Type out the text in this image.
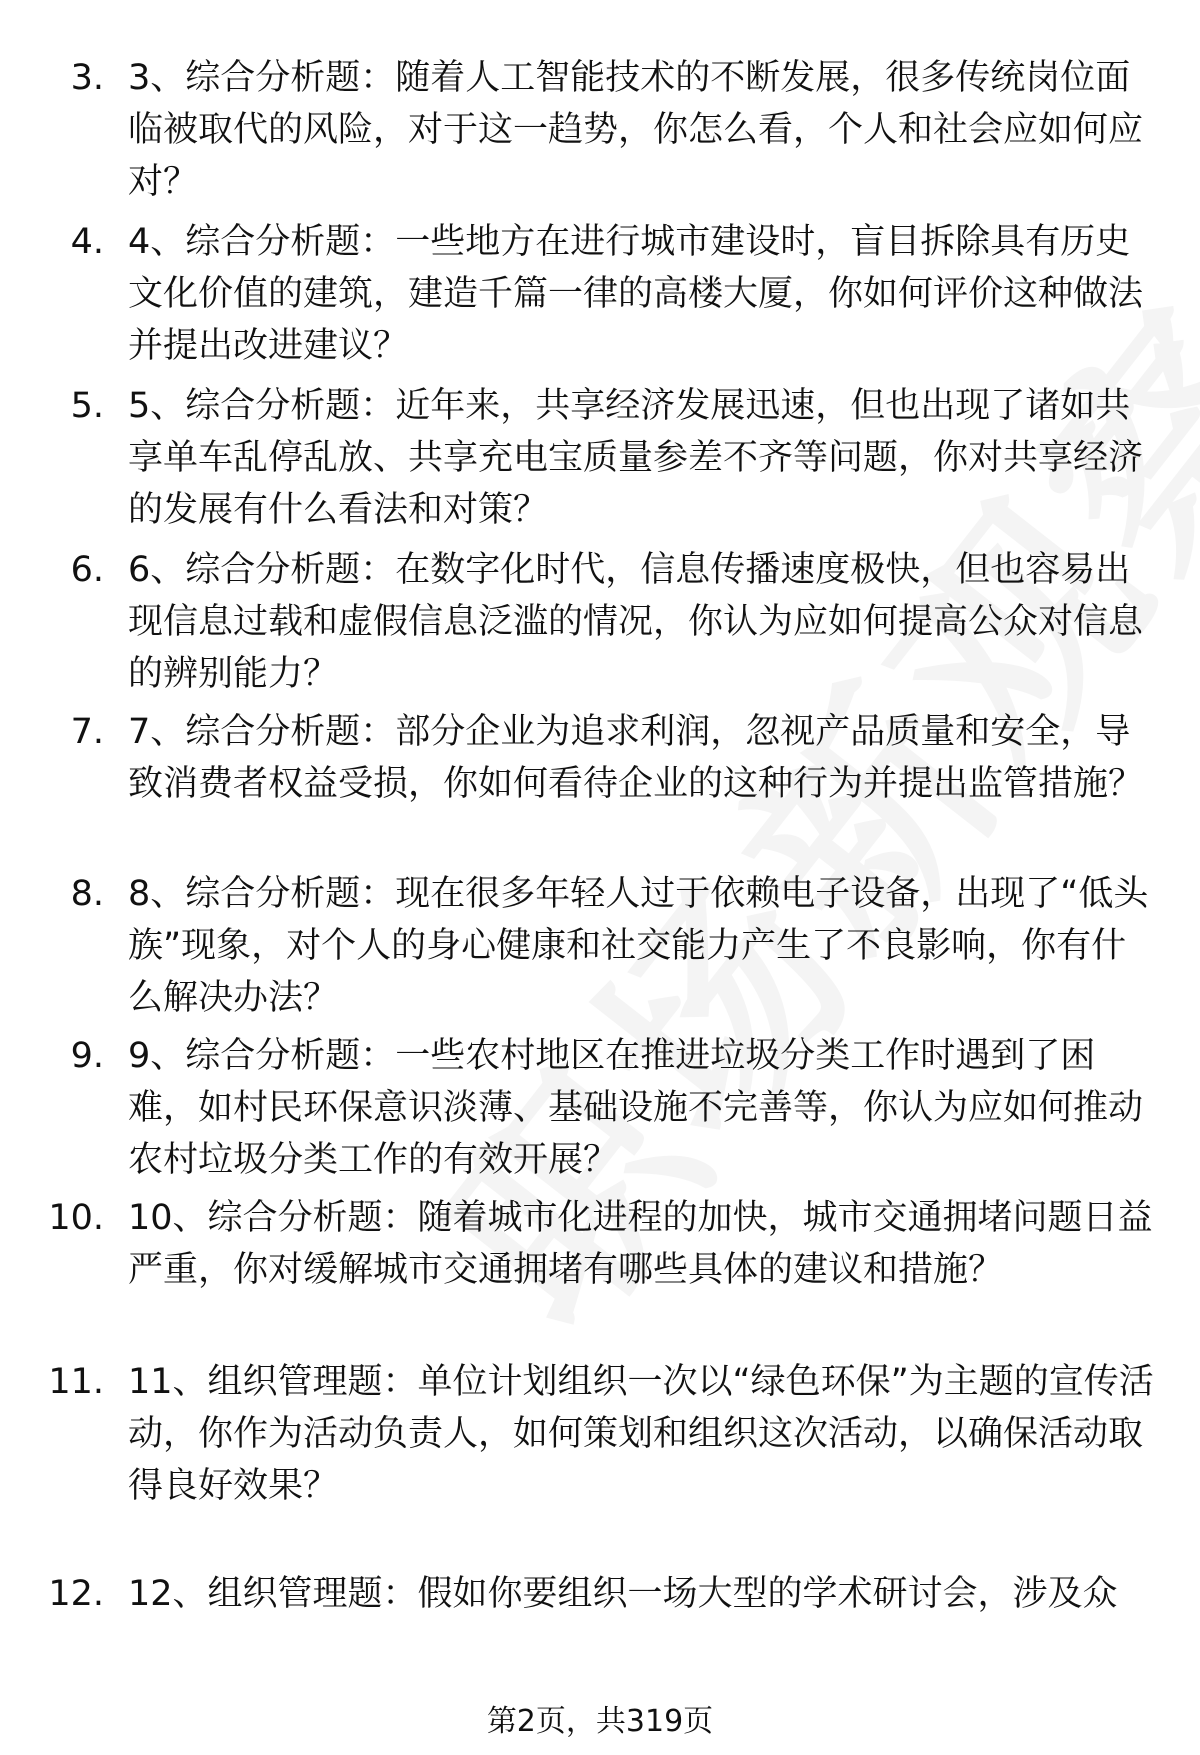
3. 3、综合分析题：随着人工智能技术的不断发展，很多传统岗位面临被取代的风险，对于这一趋势，你怎么看，个人和社会应如何应对？
4. 4、综合分析题：一些地方在进行城市建设时，盲目拆除具有历史文化价值的建筑，建造千篇一律的高楼大厦，你如何评价这种做法并提出改进建议？
5. 5、综合分析题：近年来，共享经济发展迅速，但也出现了诸如共享单车乱停乱放、共享充电宝质量参差不齐等问题，你对共享经济的发展有什么看法和对策？
6. 6、综合分析题：在数字化时代，信息传播速度极快，但也容易出现信息过载和虚假信息泛滥的情况，你认为应如何提高公众对信息的辨别能力？
7. 7、综合分析题：部分企业为追求利润，忽视产品质量和安全，导致消费者权益受损，你如何看待企业的这种行为并提出监管措施？
8. 8、综合分析题：现在很多年轻人过于依赖电子设备，出现了“低头族”现象，对个人的身心健康和社交能力产生了不良影响，你有什么解决办法？
9. 9、综合分析题：一些农村地区在推进垃圾分类工作时遇到了困难，如村民环保意识淡薄、基础设施不完善等，你认为应如何推动农村垃圾分类工作的有效开展？
10. 10、综合分析题：随着城市化进程的加快，城市交通拥堵问题日益严重，你对缓解城市交通拥堵有哪些具体的建议和措施？
11. 11、组织管理题：单位计划组织一次以“绿色环保”为主题的宣传活动，你作为活动负责人，如何策划和组织这次活动，以确保活动取得良好效果？
12. 12、组织管理题：假如你要组织一场大型的学术研讨会，涉及众
第2页，共319页
